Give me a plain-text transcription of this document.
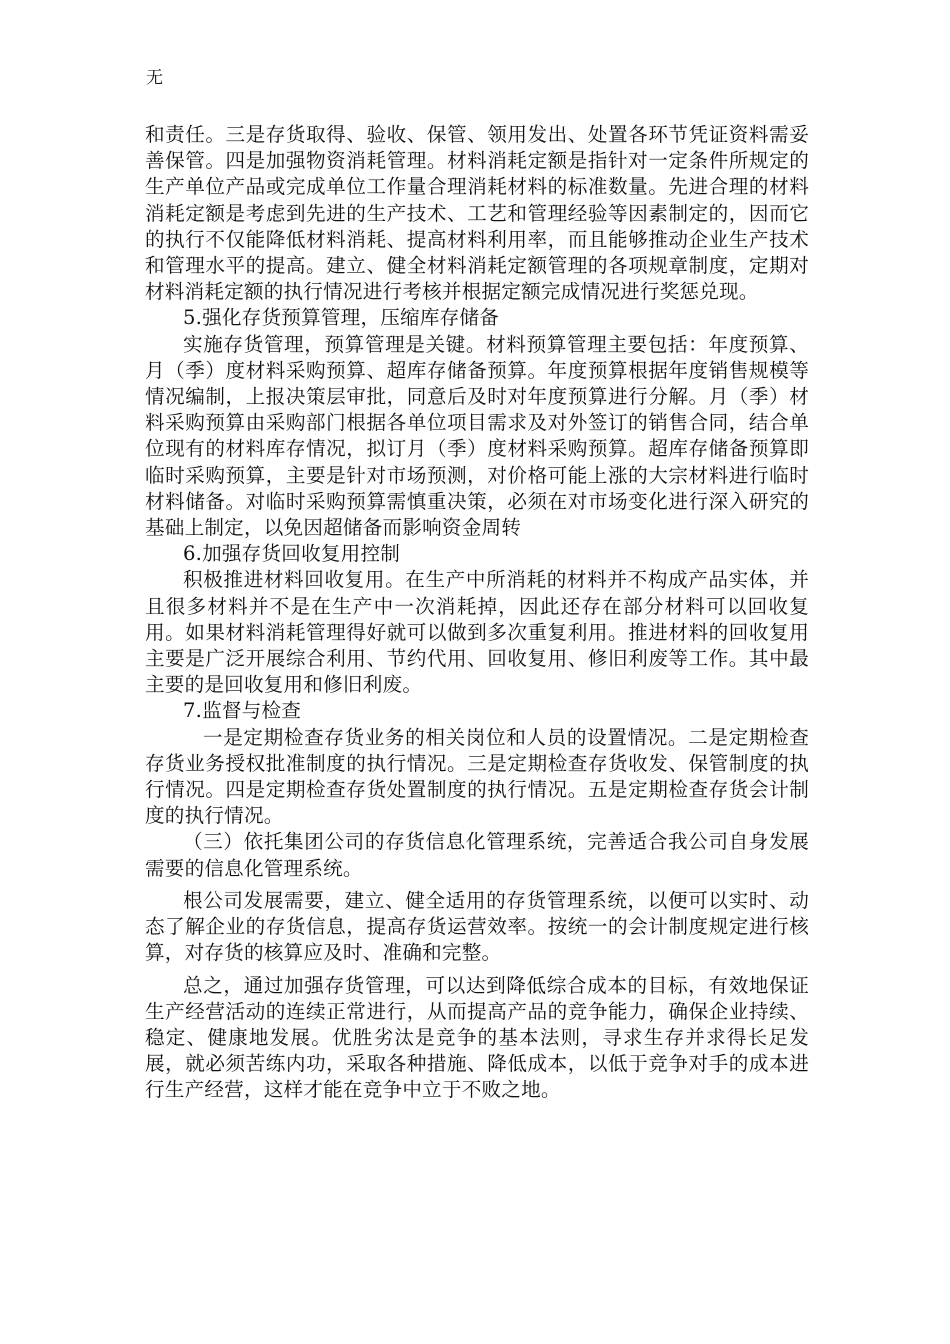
无

和责任。三是存货取得、验收、保管、领用发出、处置各环节凭证资料需妥善保管。四是加强物资消耗管理。材料消耗定额是指针对一定条件所规定的生产单位产品或完成单位工作量合理消耗材料的标准数量。先进合理的材料消耗定额是考虑到先进的生产技术、工艺和管理经验等因素制定的，因而它的执行不仅能降低材料消耗、提高材料利用率，而且能够推动企业生产技术和管理水平的提高。建立、健全材料消耗定额管理的各项规章制度，定期对材料消耗定额的执行情况进行考核并根据定额完成情况进行奖惩兑现。

5.强化存货预算管理，压缩库存储备

实施存货管理，预算管理是关键。材料预算管理主要包括：年度预算、月（季）度材料采购预算、超库存储备预算。年度预算根据年度销售规模等情况编制，上报决策层审批，同意后及时对年度预算进行分解。月（季）材料采购预算由采购部门根据各单位项目需求及对外签订的销售合同，结合单位现有的材料库存情况，拟订月（季）度材料采购预算。超库存储备预算即临时采购预算，主要是针对市场预测，对价格可能上涨的大宗材料进行临时材料储备。对临时采购预算需慎重决策，必须在对市场变化进行深入研究的基础上制定，以免因超储备而影响资金周转

6.加强存货回收复用控制

积极推进材料回收复用。在生产中所消耗的材料并不构成产品实体，并且很多材料并不是在生产中一次消耗掉，因此还存在部分材料可以回收复用。如果材料消耗管理得好就可以做到多次重复利用。推进材料的回收复用主要是广泛开展综合利用、节约代用、回收复用、修旧利废等工作。其中最主要的是回收复用和修旧利废。

7.监督与检查

一是定期检查存货业务的相关岗位和人员的设置情况。二是定期检查存货业务授权批准制度的执行情况。三是定期检查存货收发、保管制度的执行情况。四是定期检查存货处置制度的执行情况。五是定期检查存货会计制度的执行情况。

（三）依托集团公司的存货信息化管理系统，完善适合我公司自身发展需要的信息化管理系统。

根公司发展需要，建立、健全适用的存货管理系统，以便可以实时、动态了解企业的存货信息，提高存货运营效率。按统一的会计制度规定进行核算，对存货的核算应及时、准确和完整。

总之，通过加强存货管理，可以达到降低综合成本的目标，有效地保证生产经营活动的连续正常进行，从而提高产品的竞争能力，确保企业持续、稳定、健康地发展。优胜劣汰是竞争的基本法则，寻求生存并求得长足发展，就必须苦练内功，采取各种措施、降低成本，以低于竞争对手的成本进行生产经营，这样才能在竞争中立于不败之地。
